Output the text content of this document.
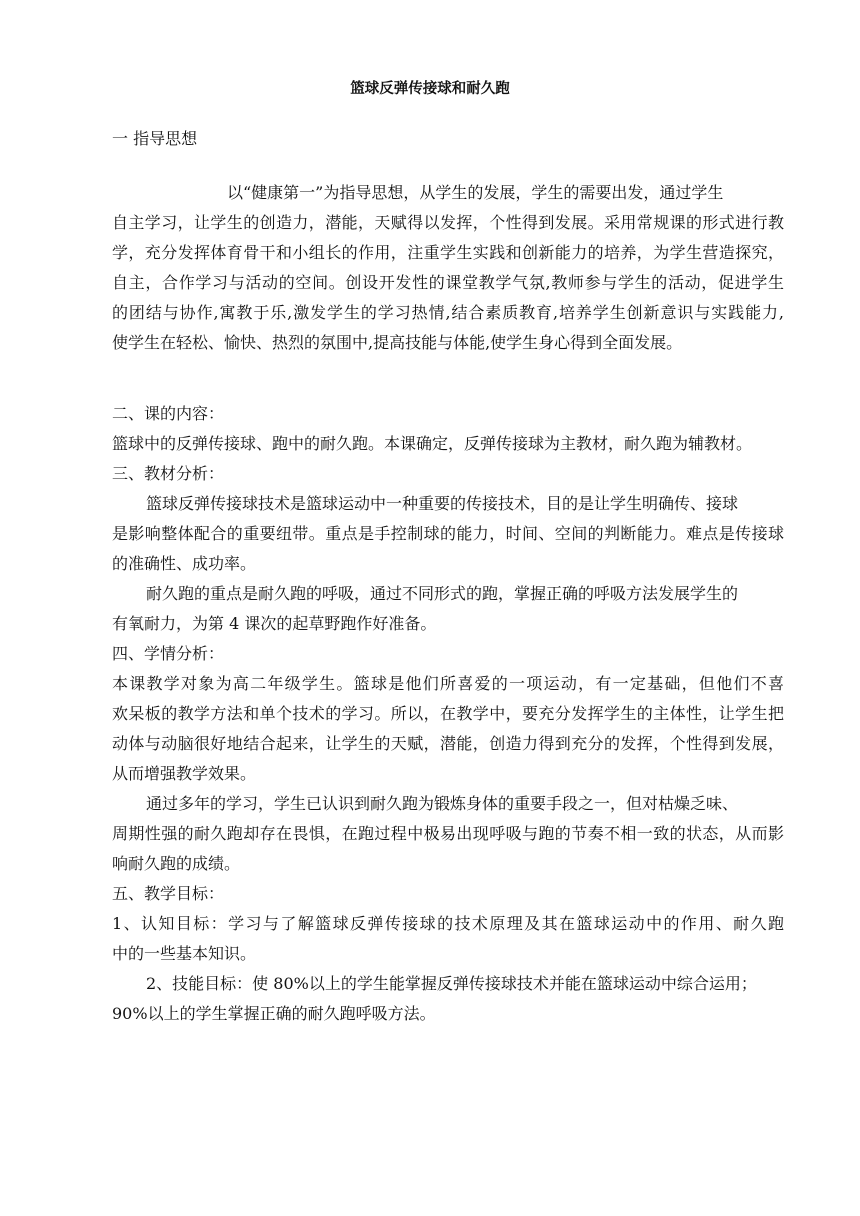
篮球反弹传接球和耐久跑
一 指导思想
以“健康第一”为指导思想，从学生的发展，学生的需要出发，通过学生
自主学习，让学生的创造力，潜能，天赋得以发挥，个性得到发展。采用常规课的形式进行教
学，充分发挥体育骨干和小组长的作用，注重学生实践和创新能力的培养，为学生营造探究，
自主，合作学习与活动的空间。创设开发性的课堂教学气氛,教师参与学生的活动，促进学生
的团结与协作,寓教于乐,激发学生的学习热情,结合素质教育,培养学生创新意识与实践能力,
使学生在轻松、愉快、热烈的氛围中,提高技能与体能,使学生身心得到全面发展。
二、课的内容：
篮球中的反弹传接球、跑中的耐久跑。本课确定，反弹传接球为主教材，耐久跑为辅教材。
三、教材分析：
篮球反弹传接球技术是篮球运动中一种重要的传接技术，目的是让学生明确传、接球
是影响整体配合的重要纽带。重点是手控制球的能力，时间、空间的判断能力。难点是传接球
的准确性、成功率。
耐久跑的重点是耐久跑的呼吸，通过不同形式的跑，掌握正确的呼吸方法发展学生的
有氧耐力，为第 4 课次的起草野跑作好准备。
四、学情分析：
本课教学对象为高二年级学生。篮球是他们所喜爱的一项运动，有一定基础，但他们不喜
欢呆板的教学方法和单个技术的学习。所以，在教学中，要充分发挥学生的主体性，让学生把
动体与动脑很好地结合起来，让学生的天赋，潜能，创造力得到充分的发挥，个性得到发展，
从而增强教学效果。
通过多年的学习，学生已认识到耐久跑为锻炼身体的重要手段之一，但对枯燥乏味、
周期性强的耐久跑却存在畏惧，在跑过程中极易出现呼吸与跑的节奏不相一致的状态，从而影
响耐久跑的成绩。
五、教学目标：
1、认知目标：学习与了解篮球反弹传接球的技术原理及其在篮球运动中的作用、耐久跑
中的一些基本知识。
2、技能目标：使 80%以上的学生能掌握反弹传接球技术并能在篮球运动中综合运用；
90%以上的学生掌握正确的耐久跑呼吸方法。
